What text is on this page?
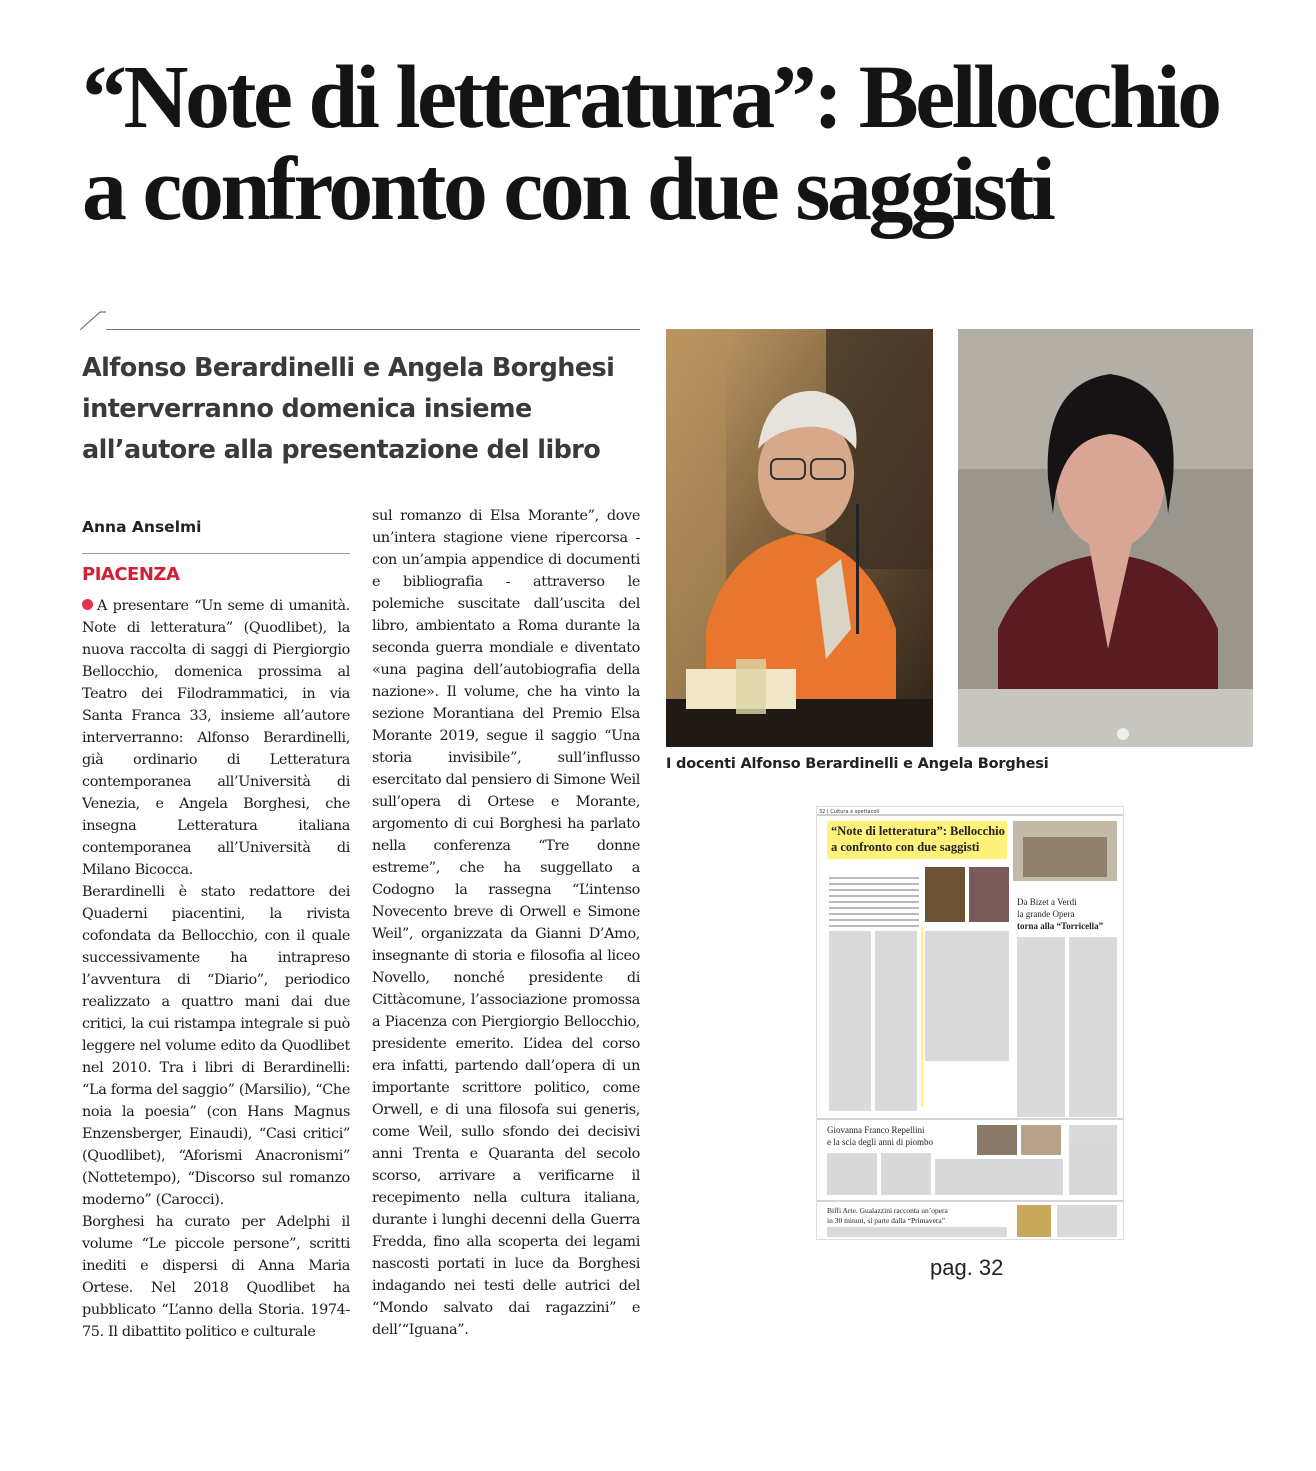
“Note di letteratura”: Bellocchio
a confronto con due saggisti
Alfonso Berardinelli e Angela Borghesi
interverranno domenica insieme
all’autore alla presentazione del libro
Anna Anselmi
PIACENZA

A presentare “Un seme di umanità. Note di letteratura” (Quodlibet), la nuova raccolta di saggi di Piergiorgio Bellocchio, domenica prossima al Teatro dei Filodrammatici, in via Santa Franca 33, insieme all’autore interverranno: Alfonso Berardinelli, già ordinario di Letteratura contemporanea all’Università di Venezia, e Angela Borghesi, che insegna Letteratura italiana contemporanea all’Università di Milano Bicocca.

Berardinelli è stato redattore dei Quaderni piacentini, la rivista cofondata da Bellocchio, con il quale successivamente ha intrapreso l’avventura di “Diario”, periodico realizzato a quattro mani dai due critici, la cui ristampa integrale si può leggere nel volume edito da Quodlibet nel 2010. Tra i libri di Berardinelli: “La forma del saggio” (Marsilio), “Che noia la poesia” (con Hans Magnus Enzensberger, Einaudi), “Casi critici” (Quodlibet), “Aforismi Anacronismi” (Nottetempo), “Discorso sul romanzo moderno” (Carocci).

Borghesi ha curato per Adelphi il volume “Le piccole persone”, scritti inediti e dispersi di Anna Maria Ortese. Nel 2018 Quodlibet ha pubblicato “L’anno della Storia. 1974-75. Il dibattito politico e culturale

sul romanzo di Elsa Morante”, dove un’intera stagione viene ripercorsa - con un’ampia appendice di documenti e bibliografia - attraverso le polemiche suscitate dall’uscita del libro, ambientato a Roma durante la seconda guerra mondiale e diventato «una pagina dell’autobiografia della nazione». Il volume, che ha vinto la sezione Morantiana del Premio Elsa Morante 2019, segue il saggio “Una storia invisibile”, sull’influsso esercitato dal pensiero di Simone Weil sull’opera di Ortese e Morante, argomento di cui Borghesi ha parlato nella conferenza “Tre donne estreme”, che ha suggellato a Codogno la rassegna “L’intenso Novecento breve di Orwell e Simone Weil”, organizzata da Gianni D’Amo, insegnante di storia e filosofia al liceo Novello, nonché presidente di Cittàcomune, l’associazione promossa a Piacenza con Piergiorgio Bellocchio, presidente emerito. L’idea del corso era infatti, partendo dall’opera di un importante scrittore politico, come Orwell, e di una filosofa sui generis, come Weil, sullo sfondo dei decisivi anni Trenta e Quaranta del secolo scorso, arrivare a verificarne il recepimento nella cultura italiana, durante i lunghi decenni della Guerra Fredda, fino alla scoperta dei legami nascosti portati in luce da Borghesi indagando nei testi delle autrici del “Mondo salvato dai ragazzini” e dell’“Iguana”.

I docenti Alfonso Berardinelli e Angela Borghesi
32 | Cultura e spettacoli
“Note di letteratura”: Bellocchio
a confronto con due saggisti
Da Bizet a Verdi
la grande Opera
torna alla “Torricella”
Giovanna Franco Repellini
e la scia degli anni di piombo
Biffi Arte. Gualazzini racconta un’opera
in 30 minuti, si parte dalla “Primavera”
pag. 32
